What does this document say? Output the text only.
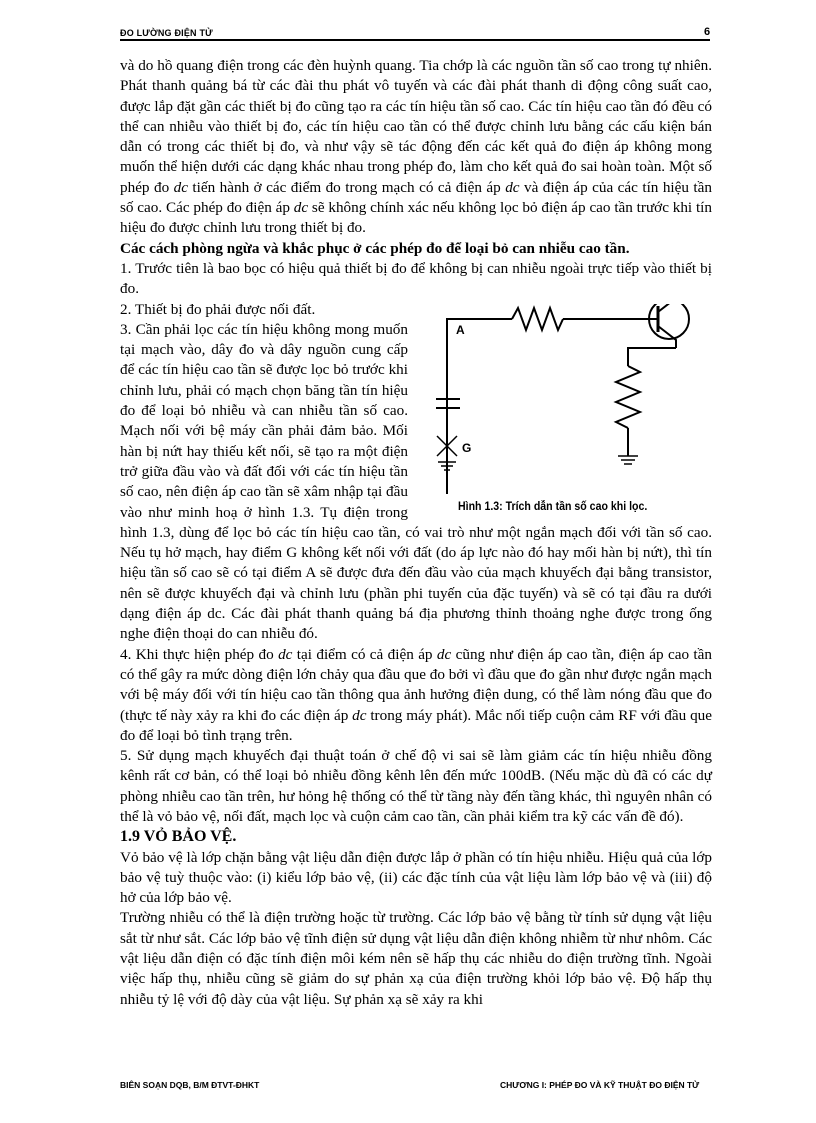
ĐO LƯỜNG ĐIỆN TỬ	6

và do hồ quang điện trong các đèn huỳnh quang. Tia chớp là các nguồn tần số cao trong tự nhiên. Phát thanh quảng bá từ các đài thu phát vô tuyến và các đài phát thanh di động công suất cao, được lắp đặt gần các thiết bị đo cũng tạo ra các tín hiệu tần số cao. Các tín hiệu cao tần đó đều có thể can nhiễu vào thiết bị đo, các tín hiệu cao tần có thể được chỉnh lưu bằng các cấu kiện bán dẫn có trong các thiết bị đo, và như vậy sẽ tác động đến các kết quả đo điện áp không mong muốn thể hiện dưới các dạng khác nhau trong phép đo, làm cho kết quả đo sai hoàn toàn. Một số phép đo dc tiến hành ở các điểm đo trong mạch có cả điện áp dc và điện áp của các tín hiệu tần số cao. Các phép đo điện áp dc sẽ không chính xác nếu không lọc bỏ điện áp cao tần trước khi tín hiệu đo được chỉnh lưu trong thiết bị đo.

Các cách phòng ngừa và khắc phục ở các phép đo để loại bỏ can nhiễu cao tần.

1. Trước tiên là bao bọc có hiệu quả thiết bị đo để không bị can nhiễu ngoài trực tiếp vào thiết bị đo.

A
G
Hình 1.3: Trích dẫn tần số cao khi lọc.

2. Thiết bị đo phải được nối đất.

3. Cần phải lọc các tín hiệu không mong muốn tại mạch vào, dây đo và dây nguồn cung cấp để các tín hiệu cao tần sẽ được lọc bỏ trước khi chỉnh lưu, phải có mạch chọn băng tần tín hiệu đo để loại bỏ nhiễu và can nhiễu tần số cao. Mạch nối với bệ máy cần phải đảm bảo. Mối hàn bị nứt hay thiếu kết nối, sẽ tạo ra một điện trở giữa đầu vào và đất đối với các tín hiệu tần số cao, nên điện áp cao tần sẽ xâm nhập tại đầu vào như minh hoạ ở hình 1.3. Tụ điện trong hình 1.3, dùng để lọc bỏ các tín hiệu cao tần, có vai trò như một ngắn mạch đối với tần số cao. Nếu tụ hở mạch, hay điểm G không kết nối với đất (do áp lực nào đó hay mối hàn bị nứt), thì tín hiệu tần số cao sẽ có tại điểm A sẽ được đưa đến đầu vào của mạch khuyếch đại bằng transistor, nên sẽ được khuyếch đại và chỉnh lưu (phần phi tuyến của đặc tuyến) và sẽ có tại đầu ra dưới dạng điện áp dc. Các đài phát thanh quảng bá địa phương thỉnh thoảng nghe được trong ống nghe điện thoại do can nhiễu đó.

4. Khi thực hiện phép đo dc tại điểm có cả điện áp dc cũng như điện áp cao tần, điện áp cao tần có thể gây ra mức dòng điện lớn chảy qua đầu que đo bởi vì đầu que đo gần như được ngắn mạch với bệ máy đối với tín hiệu cao tần thông qua ảnh hưởng điện dung, có thể làm nóng đầu que đo (thực tế này xảy ra khi đo các điện áp dc trong máy phát). Mắc nối tiếp cuộn cảm RF với đầu que đo để loại bỏ tình trạng trên.

5. Sử dụng mạch khuyếch đại thuật toán ở chế độ vi sai sẽ làm giảm các tín hiệu nhiễu đồng kênh rất cơ bản, có thể loại bỏ nhiễu đồng kênh lên đến mức 100dB. (Nếu mặc dù đã có các dự phòng nhiễu cao tần trên, hư hỏng hệ thống có thể từ tầng này đến tầng khác, thì nguyên nhân có thể là vỏ bảo vệ, nối đất, mạch lọc và cuộn cảm cao tần, cần phải kiểm tra kỹ các vấn đề đó).

1.9 VỎ BẢO VỆ.

Vỏ bảo vệ là lớp chặn bằng vật liệu dẫn điện được lắp ở phần có tín hiệu nhiễu. Hiệu quả của lớp bảo vệ tuỳ thuộc vào: (i) kiểu lớp bảo vệ, (ii) các đặc tính của vật liệu làm lớp bảo vệ và (iii) độ hở của lớp bảo vệ.

Trường nhiễu có thể là điện trường hoặc từ trường. Các lớp bảo vệ bằng từ tính sử dụng vật liệu sắt từ như sắt. Các lớp bảo vệ tĩnh điện sử dụng vật liệu dẫn điện không nhiễm từ như nhôm. Các vật liệu dẫn điện có đặc tính điện môi kém nên sẽ hấp thụ các nhiễu do điện trường tĩnh. Ngoài việc hấp thụ, nhiễu cũng sẽ giảm do sự phản xạ của điện trường khỏi lớp bảo vệ. Độ hấp thụ nhiễu tỷ lệ với độ dày của vật liệu. Sự phản xạ sẽ xảy ra khi

BIÊN SOẠN DQB, B/M ĐTVT-ĐHKT	CHƯƠNG I: PHÉP ĐO VÀ KỸ THUẬT ĐO ĐIỆN TỬ
